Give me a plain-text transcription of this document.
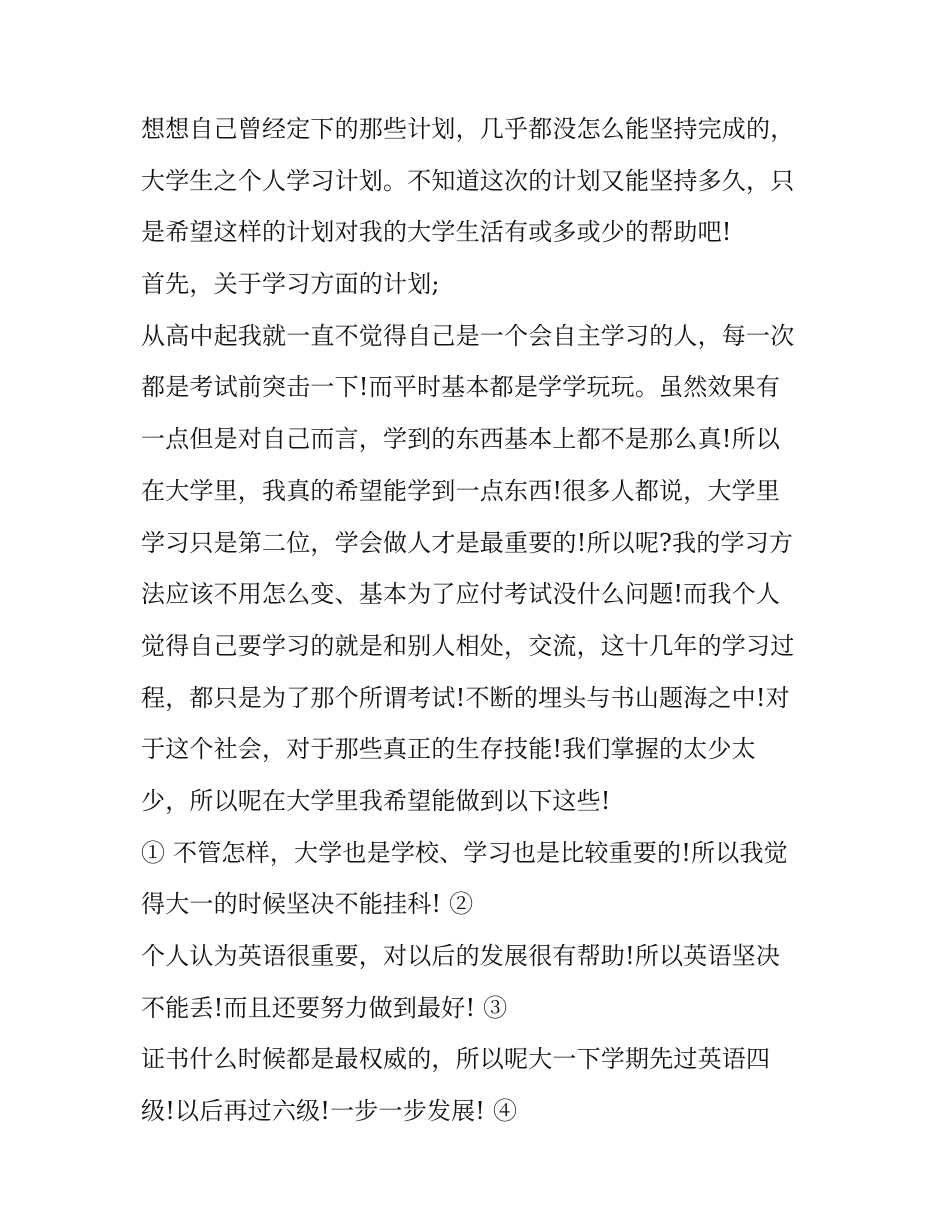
想想自己曾经定下的那些计划，几乎都没怎么能坚持完成的，
大学生之个人学习计划。不知道这次的计划又能坚持多久，只
是希望这样的计划对我的大学生活有或多或少的帮助吧!
首先，关于学习方面的计划;
从高中起我就一直不觉得自己是一个会自主学习的人，每一次
都是考试前突击一下!而平时基本都是学学玩玩。虽然效果有
一点但是对自己而言，学到的东西基本上都不是那么真!所以
在大学里，我真的希望能学到一点东西!很多人都说，大学里
学习只是第二位，学会做人才是最重要的!所以呢?我的学习方
法应该不用怎么变、基本为了应付考试没什么问题!而我个人
觉得自己要学习的就是和别人相处，交流，这十几年的学习过
程，都只是为了那个所谓考试!不断的埋头与书山题海之中!对
于这个社会，对于那些真正的生存技能!我们掌握的太少太
少，所以呢在大学里我希望能做到以下这些!
① 不管怎样，大学也是学校、学习也是比较重要的!所以我觉
得大一的时候坚决不能挂科! ②
个人认为英语很重要，对以后的发展很有帮助!所以英语坚决
不能丢!而且还要努力做到最好! ③
证书什么时候都是最权威的，所以呢大一下学期先过英语四
级!以后再过六级!一步一步发展! ④
